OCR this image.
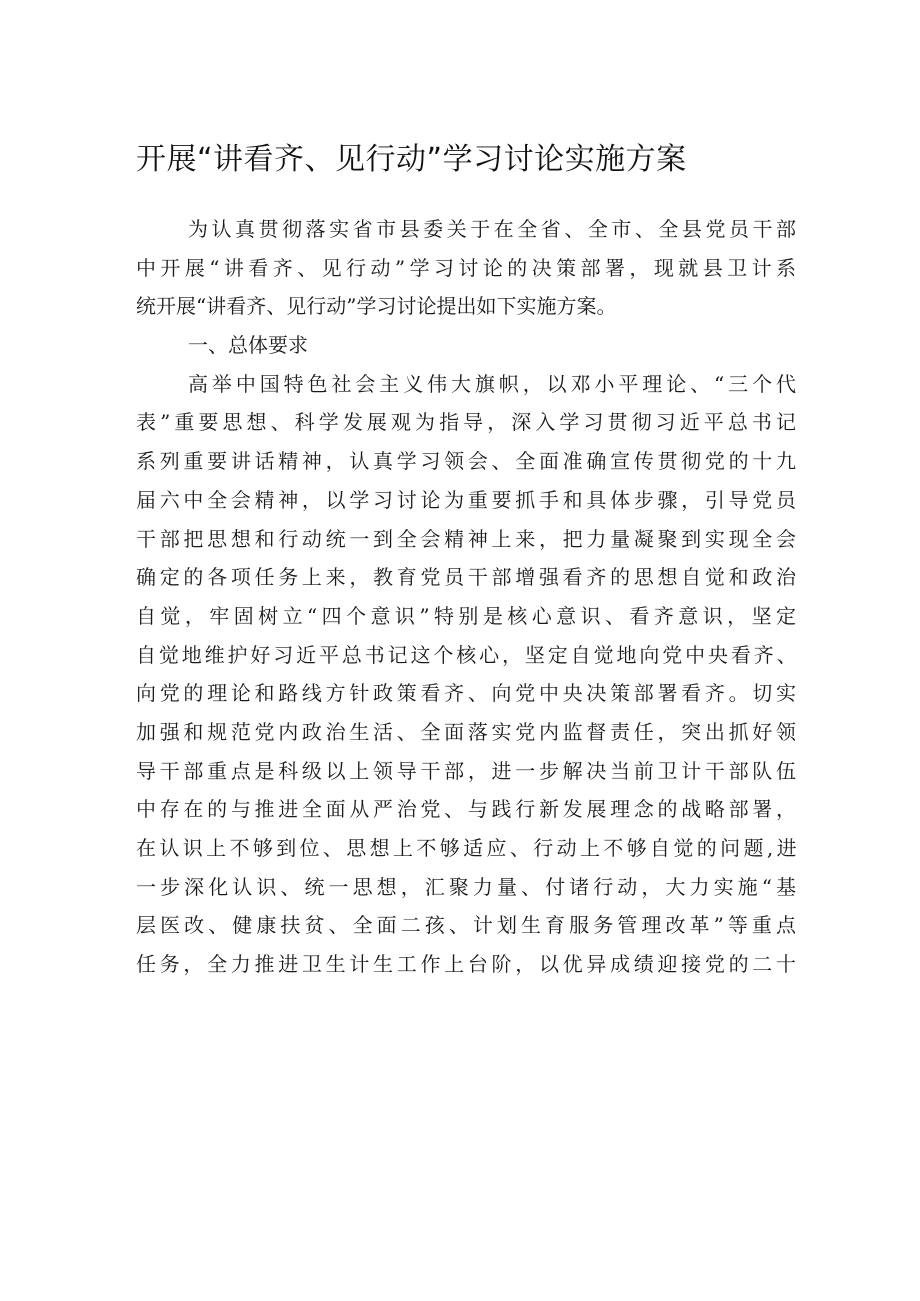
开展“讲看齐、见行动”学习讨论实施方案
为认真贯彻落实省市县委关于在全省、全市、全县党员干部
中开展“讲看齐、见行动”学习讨论的决策部署，现就县卫计系
统开展“讲看齐、见行动”学习讨论提出如下实施方案。
一、总体要求
高举中国特色社会主义伟大旗帜，以邓小平理论、“三个代
表”重要思想、科学发展观为指导，深入学习贯彻习近平总书记
系列重要讲话精神，认真学习领会、全面准确宣传贯彻党的十九
届六中全会精神，以学习讨论为重要抓手和具体步骤，引导党员
干部把思想和行动统一到全会精神上来，把力量凝聚到实现全会
确定的各项任务上来，教育党员干部增强看齐的思想自觉和政治
自觉，牢固树立“四个意识”特别是核心意识、看齐意识，坚定
自觉地维护好习近平总书记这个核心，坚定自觉地向党中央看齐、
向党的理论和路线方针政策看齐、向党中央决策部署看齐。切实
加强和规范党内政治生活、全面落实党内监督责任，突出抓好领
导干部重点是科级以上领导干部，进一步解决当前卫计干部队伍
中存在的与推进全面从严治党、与践行新发展理念的战略部署，
在认识上不够到位、思想上不够适应、行动上不够自觉的问题,进
一步深化认识、统一思想，汇聚力量、付诸行动，大力实施“基
层医改、健康扶贫、全面二孩、计划生育服务管理改革”等重点
任务，全力推进卫生计生工作上台阶，以优异成绩迎接党的二十
